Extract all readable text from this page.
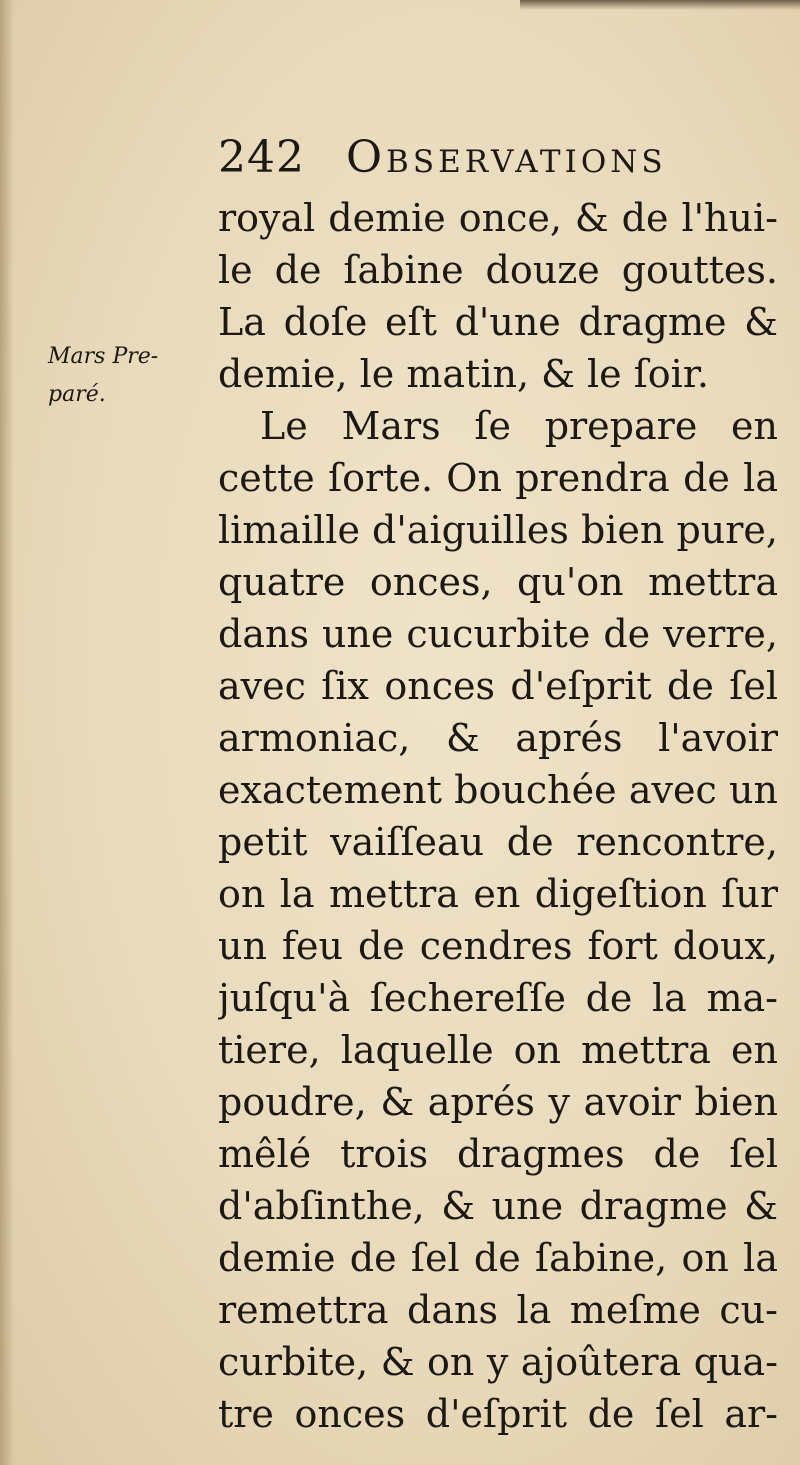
242 Observations
Mars Pre-
paré.
royal demie once, & de l'hui-
le de ſabine douze gouttes.
La doſe eſt d'une dragme &
demie, le matin, & le ſoir.
Le Mars ſe prepare en
cette ſorte. On prendra de la
limaille d'aiguilles bien pure,
quatre onces, qu'on mettra
dans une cucurbite de verre,
avec ſix onces d'eſprit de ſel
armoniac, & aprés l'avoir
exactement bouchée avec un
petit vaiſſeau de rencontre,
on la mettra en digeſtion ſur
un feu de cendres fort doux,
juſqu'à ſechereſſe de la ma-
tiere, laquelle on mettra en
poudre, & aprés y avoir bien
mêlé trois dragmes de ſel
d'abſinthe, & une dragme &
demie de ſel de ſabine, on la
remettra dans la meſme cu-
curbite, & on y ajoûtera qua-
tre onces d'eſprit de ſel ar-
